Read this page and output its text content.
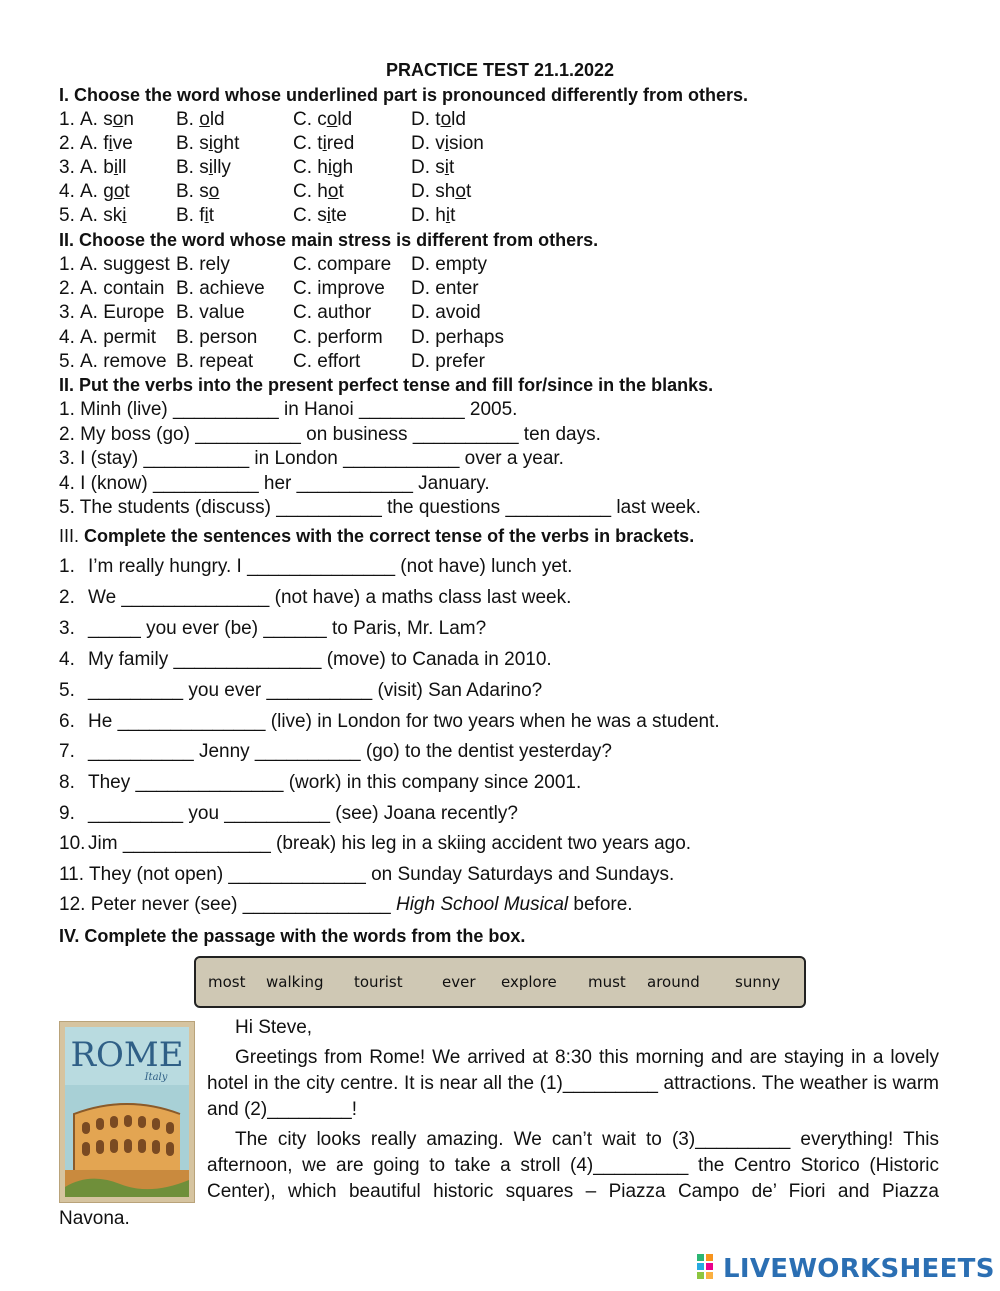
PRACTICE TEST 21.1.2022
I. Choose the word whose underlined part is pronounced differently from others.
1. A. son B. old	C. cold	D. told
2. A. five B. sight	C. tired	D. vision
3. A. bill	B. silly	C. high	D. sit
4. A. got B. so	C. hot	D. shot
5. A. ski	B. fit	C. site	D. hit
II. Choose the word whose main stress is different from others.
1. A. suggest B. rely	C. compare D. empty
2. A. contain B. achieve C. improve D. enter
3. A. Europe B. value	C. author D. avoid
4. A. permit B. person C. perform D. perhaps
5. A. remove B. repeat C. effort	D. prefer
II. Put the verbs into the present perfect tense and fill for/since in the blanks.
1. Minh (live) __________ in Hanoi __________ 2005.
2. My boss (go) __________ on business __________ ten days.
3. I (stay) __________ in London ___________ over a year.
4. I (know) __________ her ___________ January.
5. The students (discuss) __________ the questions __________ last week.
III. Complete the sentences with the correct tense of the verbs in brackets.
1. I’m really hungry. I ______________ (not have) lunch yet.
2. We ______________ (not have) a maths class last week.
3. _____ you ever (be) ______ to Paris, Mr. Lam?
4. My family ______________ (move) to Canada in 2010.
5. _________ you ever __________ (visit) San Adarino?
6. He ______________ (live) in London for two years when he was a student.
7. __________ Jenny __________ (go) to the dentist yesterday?
8. They ______________ (work) in this company since 2001.
9. _________ you __________ (see) Joana recently?
10. Jim ______________ (break) his leg in a skiing accident two years ago.
11. They (not open) _____________ on Sunday Saturdays and Sundays.
12. Peter never (see) ______________ High School Musical before.
IV. Complete the passage with the words from the box.
most walking tourist	ever explore must around sunny
ROME
Italy
Hi Steve,
Greetings from Rome! We arrived at 8:30 this morning and are staying in a lovely
hotel in the city centre. It is near all the (1)_________ attractions. The weather is warm
and (2)________!
The city looks really amazing. We can’t wait to (3)_________ everything! This
afternoon, we are going to take a stroll (4)_________ the Centro Storico (Historic
Center), which beautiful historic squares – Piazza Campo de’ Fiori and Piazza
Navona.
LIVEWORKSHEETS
